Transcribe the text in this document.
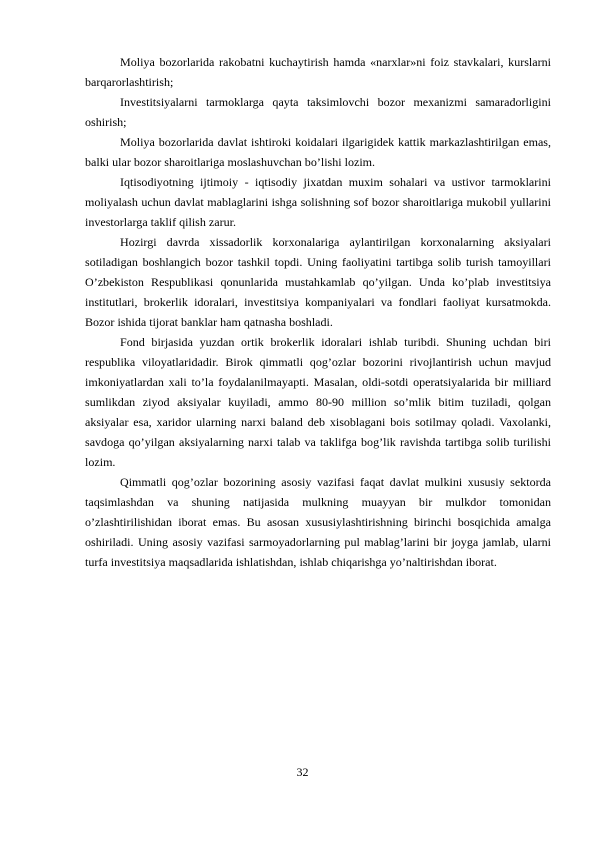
Moliya bozorlarida rakobatni kuchaytirish hamda «narxlar»ni foiz stavkalari, kurslarni barqarorlashtirish;

Investitsiyalarni tarmoklarga qayta taksimlovchi bozor mexanizmi samaradorligini oshirish;

Moliya bozorlarida davlat ishtiroki koidalari ilgarigidek kattik markazlashtirilgan emas, balki ular bozor sharoitlariga moslashuvchan bo’lishi lozim.

Iqtisodiyotning ijtimoiy - iqtisodiy jixatdan muxim sohalari va ustivor tarmoklarini moliyalash uchun davlat mablaglarini ishga solishning sof bozor sharoitlariga mukobil yullarini investorlarga taklif qilish zarur.

Hozirgi davrda xissadorlik korxonalariga aylantirilgan korxonalarning aksiyalari sotiladigan boshlangich bozor tashkil topdi. Uning faoliyatini tartibga solib turish tamoyillari O’zbekiston Respublikasi qonunlarida mustahkamlab qo’yilgan. Unda ko’plab investitsiya institutlari, brokerlik idoralari, investitsiya kompaniyalari va fondlari faoliyat kursatmokda. Bozor ishida tijorat banklar ham qatnasha boshladi.

Fond birjasida yuzdan ortik brokerlik idoralari ishlab turibdi. Shuning uchdan biri respublika viloyatlaridadir. Birok qimmatli qog’ozlar bozorini rivojlantirish uchun mavjud imkoniyatlardan xali to’la foydalanilmayapti. Masalan, oldi-sotdi operatsiyalarida bir milliard sumlikdan ziyod aksiyalar kuyiladi, ammo 80-90 million so’mlik bitim tuziladi, qolgan aksiyalar esa, xaridor ularning narxi baland deb xisoblagani bois sotilmay qoladi. Vaxolanki, savdoga qo’yilgan aksiyalarning narxi talab va taklifga bog’lik ravishda tartibga solib turilishi lozim.

Qimmatli qog’ozlar bozorining asosiy vazifasi faqat davlat mulkini xususiy sektorda taqsimlashdan va shuning natijasida mulkning muayyan bir mulkdor tomonidan o’zlashtirilishidan iborat emas. Bu asosan xususiylashtirishning birinchi bosqichida amalga oshiriladi. Uning asosiy vazifasi sarmoyadorlarning pul mablag’larini bir joyga jamlab, ularni turfa investitsiya maqsadlarida ishlatishdan, ishlab chiqarishga yo’naltirishdan iborat.

32
